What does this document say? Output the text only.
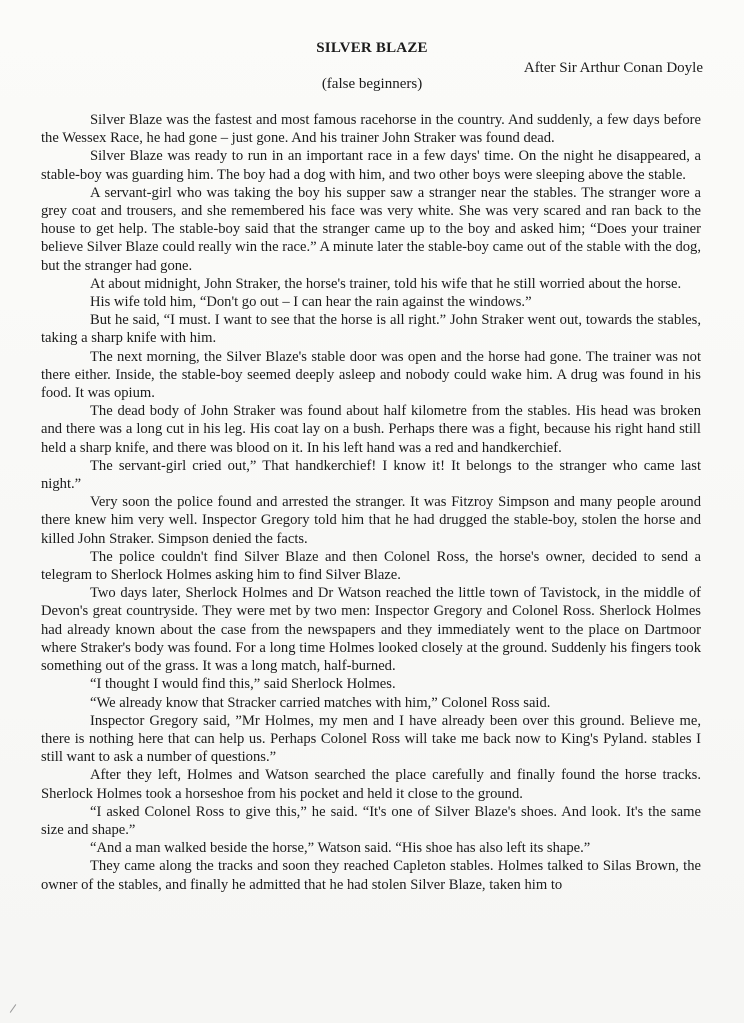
SILVER BLAZE
After Sir Arthur Conan Doyle
(false beginners)

Silver Blaze was the fastest and most famous racehorse in the country. And suddenly, a few days before the Wessex Race, he had gone – just gone. And his trainer John Straker was found dead.

Silver Blaze was ready to run in an important race in a few days' time. On the night he disappeared, a stable-boy was guarding him. The boy had a dog with him, and two other boys were sleeping above the stable.

A servant-girl who was taking the boy his supper saw a stranger near the stables. The stranger wore a grey coat and trousers, and she remembered his face was very white. She was very scared and ran back to the house to get help. The stable-boy said that the stranger came up to the boy and asked him; “Does your trainer believe Silver Blaze could really win the race.” A minute later the stable-boy came out of the stable with the dog, but the stranger had gone.

At about midnight, John Straker, the horse's trainer, told his wife that he still worried about the horse.

His wife told him, “Don't go out – I can hear the rain against the windows.”

But he said, “I must. I want to see that the horse is all right.” John Straker went out, towards the stables, taking a sharp knife with him.

The next morning, the Silver Blaze's stable door was open and the horse had gone. The trainer was not there either. Inside, the stable-boy seemed deeply asleep and nobody could wake him. A drug was found in his food. It was opium.

The dead body of John Straker was found about half kilometre from the stables. His head was broken and there was a long cut in his leg. His coat lay on a bush. Perhaps there was a fight, because his right hand still held a sharp knife, and there was blood on it. In his left hand was a red and handkerchief.

The servant-girl cried out,” That handkerchief! I know it! It belongs to the stranger who came last night.”

Very soon the police found and arrested the stranger. It was Fitzroy Simpson and many people around there knew him very well. Inspector Gregory told him that he had drugged the stable-boy, stolen the horse and killed John Straker. Simpson denied the facts.

The police couldn't find Silver Blaze and then Colonel Ross, the horse's owner, decided to send a telegram to Sherlock Holmes asking him to find Silver Blaze.

Two days later, Sherlock Holmes and Dr Watson reached the little town of Tavistock, in the middle of Devon's great countryside. They were met by two men: Inspector Gregory and Colonel Ross. Sherlock Holmes had already known about the case from the newspapers and they immediately went to the place on Dartmoor where Straker's body was found. For a long time Holmes looked closely at the ground. Suddenly his fingers took something out of the grass. It was a long match, half-burned.

“I thought I would find this,” said Sherlock Holmes.

“We already know that Stracker carried matches with him,” Colonel Ross said.

Inspector Gregory said, ”Mr Holmes, my men and I have already been over this ground. Believe me, there is nothing here that can help us. Perhaps Colonel Ross will take me back now to King's Pyland. stables I still want to ask a number of questions.”

After they left, Holmes and Watson searched the place carefully and finally found the horse tracks. Sherlock Holmes took a horseshoe from his pocket and held it close to the ground.

“I asked Colonel Ross to give this,” he said. “It's one of Silver Blaze's shoes. And look. It's the same size and shape.”

“And a man walked beside the horse,” Watson said. “His shoe has also left its shape.”

They came along the tracks and soon they reached Capleton stables. Holmes talked to Silas Brown, the owner of the stables, and finally he admitted that he had stolen Silver Blaze, taken him to
